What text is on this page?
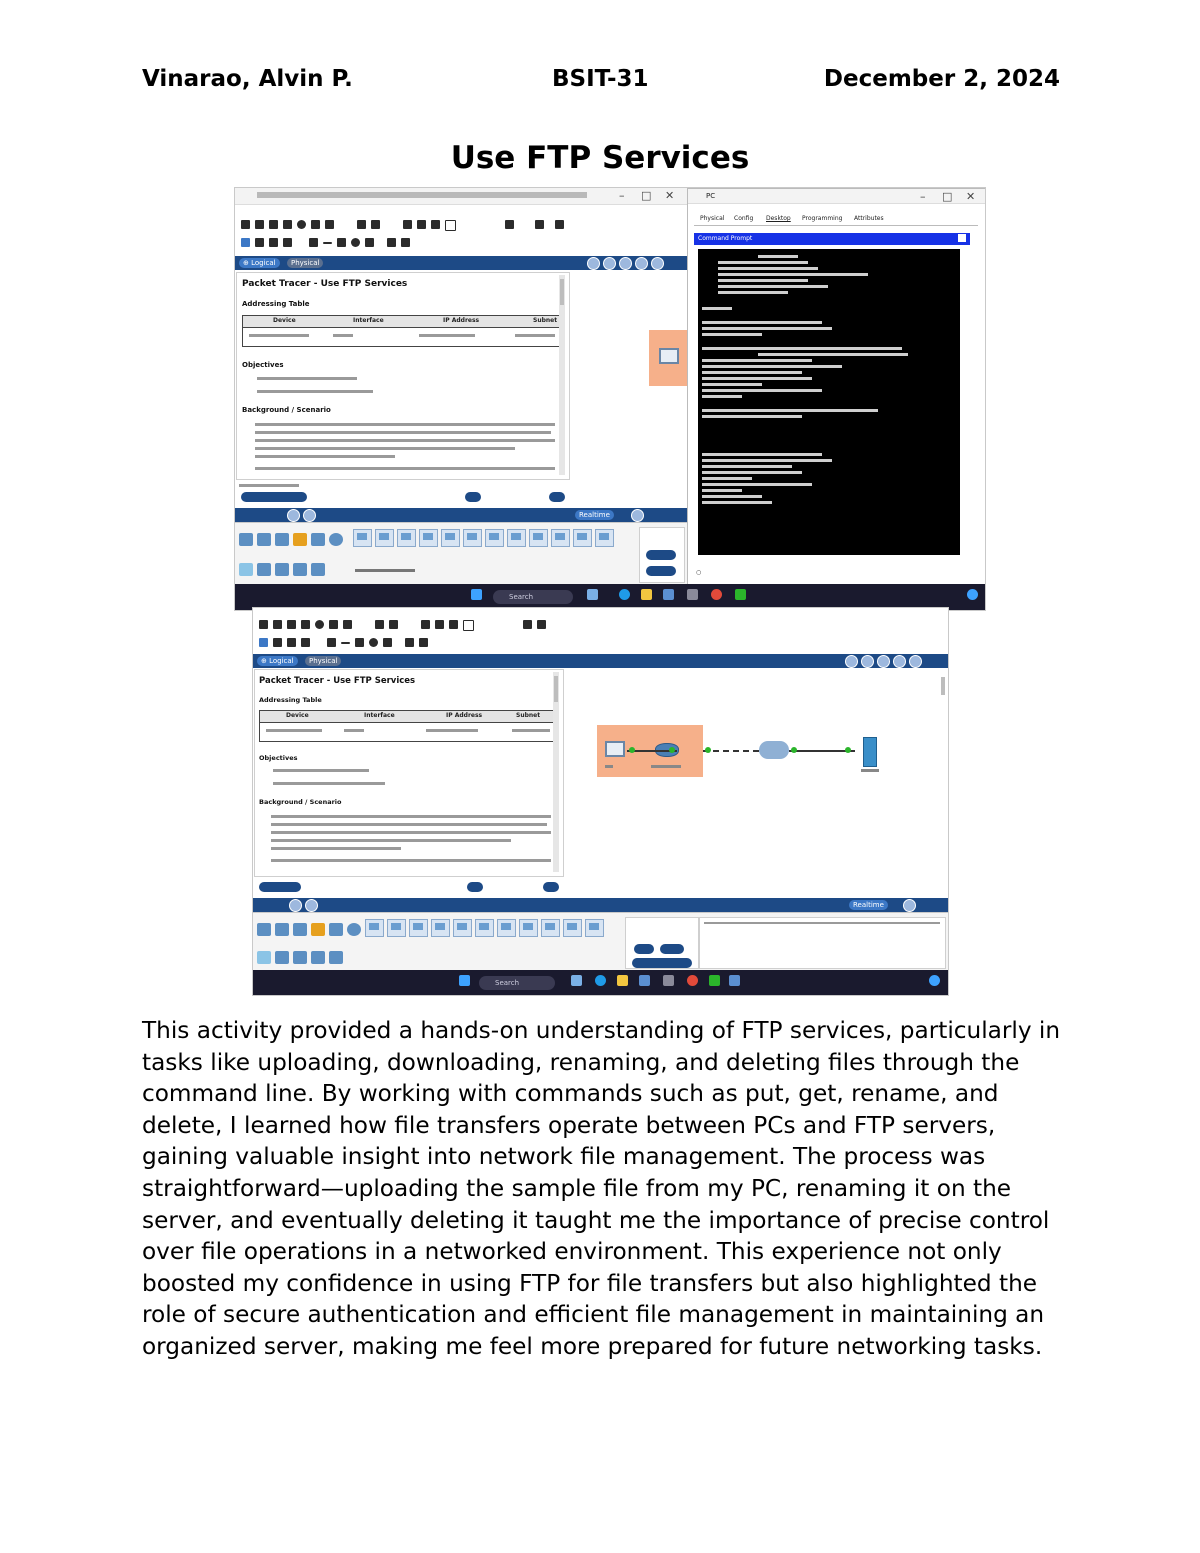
Vinarao, Alvin P.	BSIT-31	December 2, 2024
Use FTP Services
– □ ✕
⊕ Logical	Physical
Packet Tracer - Use FTP Services
Addressing Table
Device	Interface	IP Address	Subnet
Objectives
Background / Scenario
Realtime
PC	– □ ✕
Physical Config Desktop Programming Attributes
Command Prompt
○
Search
⊕ Logical	Physical
Packet Tracer - Use FTP Services
Addressing Table
Device	Interface	IP Address	Subnet
Objectives
Background / Scenario
Realtime
Search

This activity provided a hands-on understanding of FTP services, particularly in tasks like uploading, downloading, renaming, and deleting files through the command line. By working with commands such as put, get, rename, and delete, I learned how file transfers operate between PCs and FTP servers, gaining valuable insight into network file management. The process was straightforward—uploading the sample file from my PC, renaming it on the server, and eventually deleting it taught me the importance of precise control over file operations in a networked environment. This experience not only boosted my confidence in using FTP for file transfers but also highlighted the role of secure authentication and efficient file management in maintaining an organized server, making me feel more prepared for future networking tasks.
